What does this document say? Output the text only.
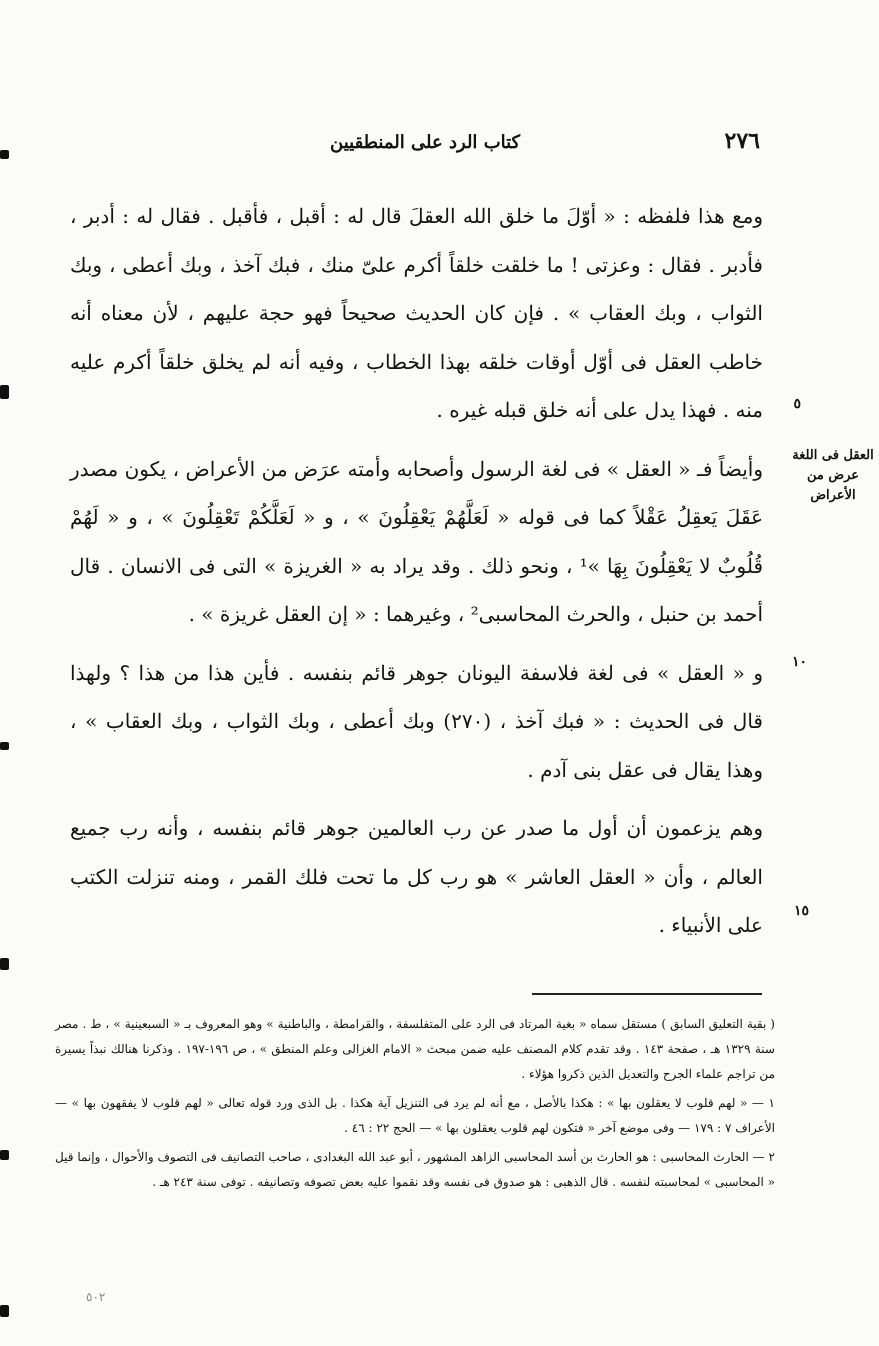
٢٧٦
كتاب الرد على المنطقيين
العقل فى اللغة عرض من الأعراض
٥
١٠
١٥

ومع هذا فلفظه : « أوّلَ ما خلق الله العقلَ قال له : أقبل ، فأقبل . فقال له : أدبر ، فأدبر . فقال : وعزتى ! ما خلقت خلقاً أكرم علىّ منك ، فبك آخذ ، وبك أعطى ، وبك الثواب ، وبك العقاب » . فإن كان الحديث صحيحاً فهو حجة عليهم ، لأن معناه أنه خاطب العقل فى أوّل أوقات خلقه بهذا الخطاب ، وفيه أنه لم يخلق خلقاً أكرم عليه منه . فهذا يدل على أنه خلق قبله غيره .

وأيضاً فـ « العقل » فى لغة الرسول وأصحابه وأمته عرَض من الأعراض ، يكون مصدر عَقَلَ يَعقِلُ عَقْلاً كما فى قوله « لَعَلَّهُمْ يَعْقِلُونَ » ، و « لَعَلَّكُمْ تَعْقِلُونَ » ، و « لَهُمْ قُلُوبٌ لا يَعْقِلُونَ بِهَا »¹ ، ونحو ذلك . وقد يراد به « الغريزة » التى فى الانسان . قال أحمد بن حنبل ، والحرث المحاسبى² ، وغيرهما : « إن العقل غريزة » .

و « العقل » فى لغة فلاسفة اليونان جوهر قائم بنفسه . فأين هذا من هذا ؟ ولهذا قال فى الحديث : « فبك آخذ ، (٢٧٠) وبك أعطى ، وبك الثواب ، وبك العقاب » ، وهذا يقال فى عقل بنى آدم .

وهم يزعمون أن أول ما صدر عن رب العالمين جوهر قائم بنفسه ، وأنه رب جميع العالم ، وأن « العقل العاشر » هو رب كل ما تحت فلك القمر ، ومنه تنزلت الكتب على الأنبياء .

( بقية التعليق السابق ) مستقل سماه « بغية المرتاد فى الرد على المتفلسفة ، والقرامطة ، والباطنية » وهو المعروف بـ « السبعينية » ، ط . مصر سنة ١٣٢٩ هـ ، صفحة ١٤٣ . وقد تقدم كلام المصنف عليه ضمن مبحث « الامام الغزالى وعلم المنطق » ، ص ١٩٦-١٩٧ . وذكرنا هنالك نبذاً يسيرة من تراجم علماء الجرح والتعديل الذين ذكروا هؤلاء .

١ — « لهم قلوب لا يعقلون بها » : هكذا بالأصل ، مع أنه لم يرد فى التنزيل آية هكذا . بل الذى ورد قوله تعالى « لهم قلوب لا يفقهون بها » — الأعراف ٧ : ١٧٩ — وفى موضع آخر « فتكون لهم قلوب يعقلون بها » — الحج ٢٢ : ٤٦ .

٢ — الحارث المحاسبى : هو الحارث بن أسد المحاسبى الزاهد المشهور ، أبو عبد الله البغدادى ، صاحب التصانيف فى التصوف والأحوال ، وإنما قيل « المحاسبى » لمحاسبته لنفسه . قال الذهبى : هو صدوق فى نفسه وقد نقموا عليه بعض تصوفه وتصانيفه . توفى سنة ٢٤٣ هـ .

٥٠٢
